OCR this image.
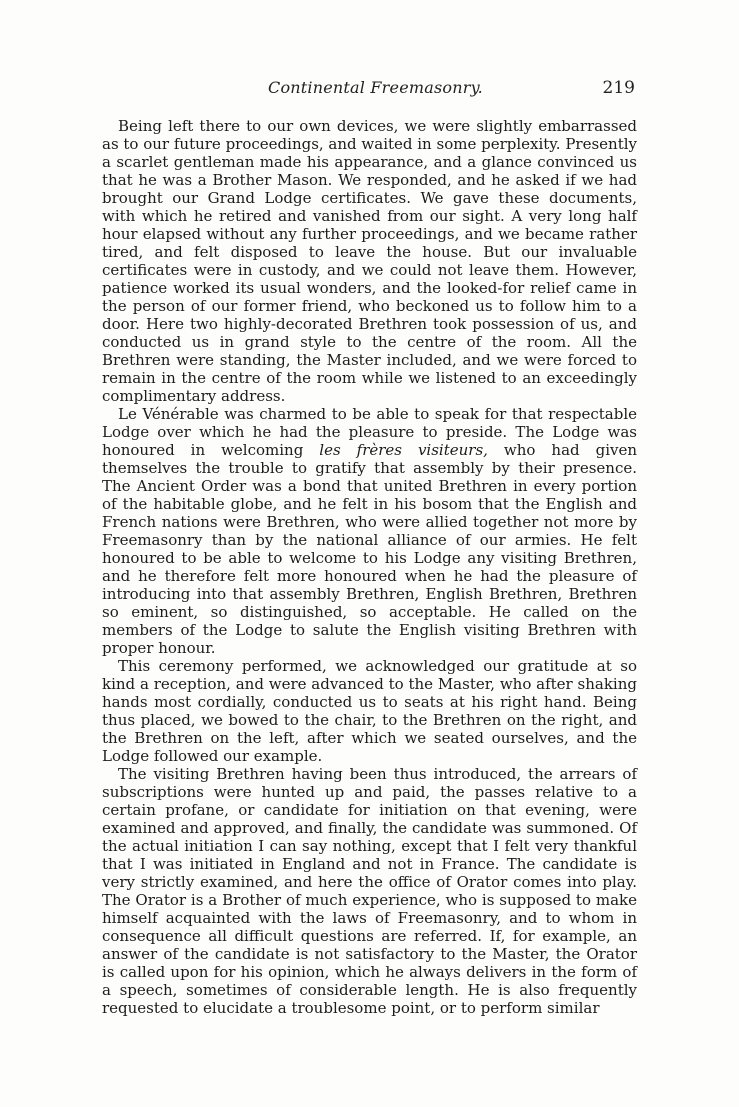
Continental Freemasonry.	219

Being left there to our own devices, we were slightly embarrassed as to our future proceedings, and waited in some perplexity. Presently a scarlet gentleman made his appearance, and a glance convinced us that he was a Brother Mason. We responded, and he asked if we had brought our Grand Lodge certificates. We gave these documents, with which he retired and vanished from our sight. A very long half hour elapsed without any further proceedings, and we became rather tired, and felt disposed to leave the house. But our invaluable certificates were in custody, and we could not leave them. However, patience worked its usual wonders, and the looked-for relief came in the person of our former friend, who beckoned us to follow him to a door. Here two highly-decorated Brethren took possession of us, and conducted us in grand style to the centre of the room. All the Brethren were standing, the Master included, and we were forced to remain in the centre of the room while we listened to an exceedingly complimentary address.

Le Vénérable was charmed to be able to speak for that respectable Lodge over which he had the pleasure to preside. The Lodge was honoured in welcoming les frères visiteurs, who had given themselves the trouble to gratify that assembly by their presence. The Ancient Order was a bond that united Brethren in every portion of the habitable globe, and he felt in his bosom that the English and French nations were Brethren, who were allied together not more by Freemasonry than by the national alliance of our armies. He felt honoured to be able to welcome to his Lodge any visiting Brethren, and he therefore felt more honoured when he had the pleasure of introducing into that assembly Brethren, English Brethren, Brethren so eminent, so distinguished, so acceptable. He called on the members of the Lodge to salute the English visiting Brethren with proper honour.

This ceremony performed, we acknowledged our gratitude at so kind a reception, and were advanced to the Master, who after shaking hands most cordially, conducted us to seats at his right hand. Being thus placed, we bowed to the chair, to the Brethren on the right, and the Brethren on the left, after which we seated ourselves, and the Lodge followed our example.

The visiting Brethren having been thus introduced, the arrears of subscriptions were hunted up and paid, the passes relative to a certain profane, or candidate for initiation on that evening, were examined and approved, and finally, the candidate was summoned. Of the actual initiation I can say nothing, except that I felt very thankful that I was initiated in England and not in France. The candidate is very strictly examined, and here the office of Orator comes into play. The Orator is a Brother of much experience, who is supposed to make himself acquainted with the laws of Freemasonry, and to whom in consequence all difficult questions are referred. If, for example, an answer of the candidate is not satisfactory to the Master, the Orator is called upon for his opinion, which he always delivers in the form of a speech, sometimes of considerable length. He is also frequently requested to elucidate a troublesome point, or to perform similar
